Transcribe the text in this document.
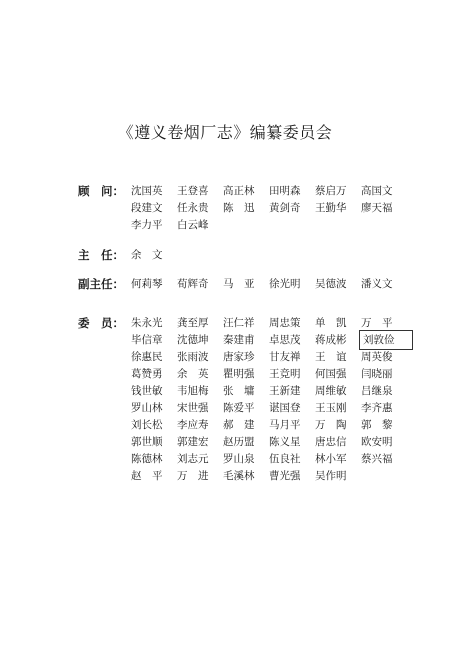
《遵义卷烟厂志》编纂委员会
顾　问： 沈国英	王登喜	高正林	田明森	蔡启万	高国文
段建文	任永贵	陈　迅	黄剑奇	王勤华	廖天福
李力平	白云峰
主　任： 余　文
副主任： 何莉琴	荀辉奇	马　亚	徐光明	吴德波	潘义文
委　员： 朱永光	龚至厚	汪仁祥	周忠策	单　凯	万　平
毕信章	沈德坤	秦建甫	卓思茂	蒋成彬	刘敦俭
徐惠民	张雨波	唐家珍	甘友禅	王　谊	周英俊
葛赞勇	余　英	瞿明强	王竞明	何国强	闫晓丽
钱世敏	韦旭梅	张　墉	王新建	周维敏	吕继泉
罗山林	宋世强	陈爱平	谌国登	王玉刚	李齐惠
刘长松	李应寿	郝　建	马月平	万　陶	郭　黎
郭世顺	郭建宏	赵历盟	陈义星	唐忠信	欧安明
陈德林	刘志元	罗山泉	伍良社	林小军	蔡兴福
赵　平	万　进	毛溪林	曹光强	吴作明
